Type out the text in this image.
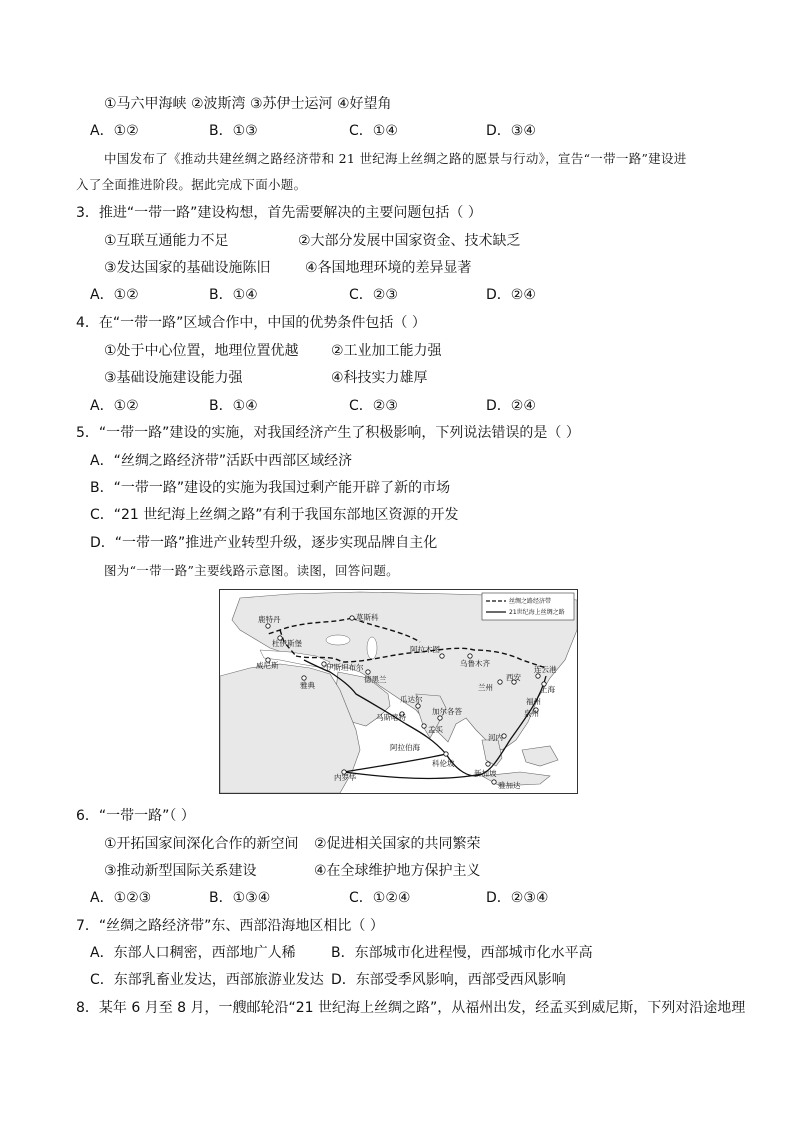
①马六甲海峡 ②波斯湾 ③苏伊士运河 ④好望角
A．①②	B．①③	C．①④	D．③④
中国发布了《推动共建丝绸之路经济带和 21 世纪海上丝绸之路的愿景与行动》，宣告“一带一路”建设进
入了全面推进阶段。据此完成下面小题。
3．推进“一带一路”建设构想，首先需要解决的主要问题包括（ ）
①互联互通能力不足	②大部分发展中国家资金、技术缺乏
③发达国家的基础设施陈旧 ④各国地理环境的差异显著
A．①②	B．①④	C．②③	D．②④
4．在“一带一路”区域合作中，中国的优势条件包括（ ）
①处于中心位置，地理位置优越 ②工业加工能力强
③基础设施建设能力强	④科技实力雄厚
A．①②	B．①④	C．②③	D．②④
5．“一带一路”建设的实施，对我国经济产生了积极影响，下列说法错误的是（ ）
A．“丝绸之路经济带”活跃中西部区域经济
B．“一带一路”建设的实施为我国过剩产能开辟了新的市场
C．“21 世纪海上丝绸之路”有利于我国东部地区资源的开发
D．“一带一路”推进产业转型升级，逐步实现品牌自主化
图为“一带一路”主要线路示意图。读图，回答问题。
丝绸之路经济带
21世纪海上丝绸之路
莫斯科
鹿特丹
杜伊斯堡
威尼斯
雅典
伊斯坦布尔
德黑兰
阿拉木图
乌鲁木齐
兰州
西安
连云港
上海
福州
泉州
瓜达尔
马斯喀特
加尔各答
孟买
阿拉伯海
科伦坡
河内
内罗毕	新加坡
雅加达
6．“一带一路”（ ）
①开拓国家间深化合作的新空间 ②促进相关国家的共同繁荣
③推动新型国际关系建设	④在全球维护地方保护主义
A．①②③	B．①③④	C．①②④	D．②③④
7．“丝绸之路经济带”东、西部沿海地区相比（ ）
A．东部人口稠密，西部地广人稀	B．东部城市化进程慢，西部城市化水平高
C．东部乳畜业发达，西部旅游业发达 D．东部受季风影响，西部受西风影响
8．某年 6 月至 8 月，一艘邮轮沿“21 世纪海上丝绸之路”，从福州出发，经孟买到威尼斯，下列对沿途地理
